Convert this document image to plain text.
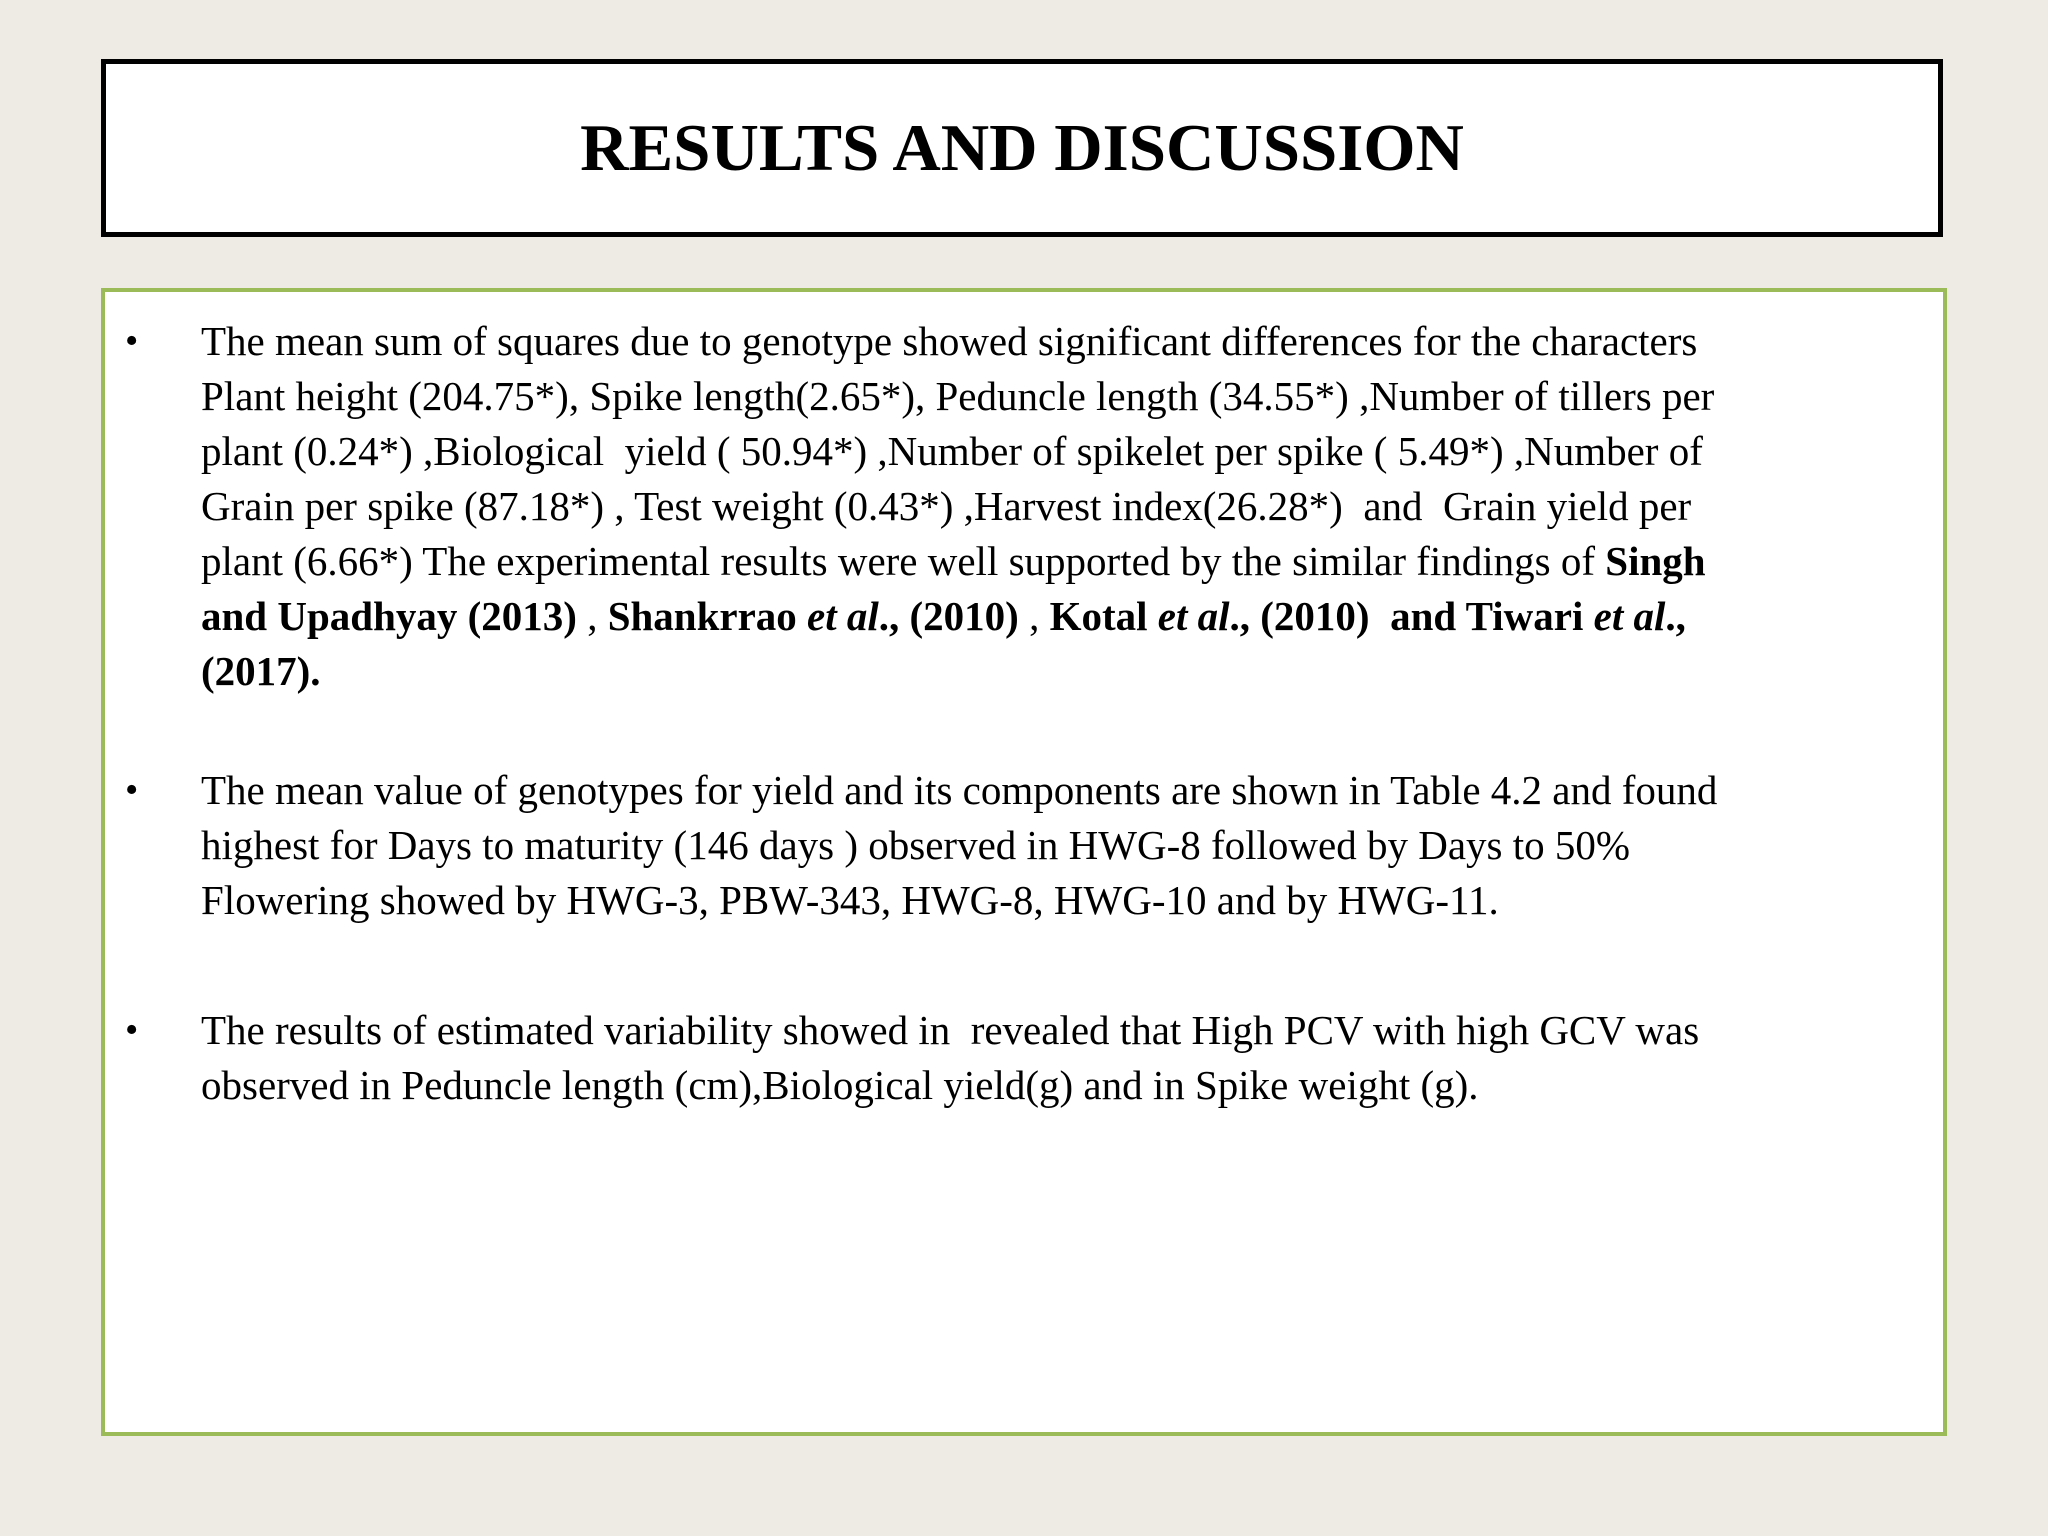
RESULTS AND DISCUSSION
• The mean sum of squares due to genotype showed significant differences for the characters
Plant height (204.75*), Spike length(2.65*), Peduncle length (34.55*) ,Number of tillers per
plant (0.24*) ,Biological  yield ( 50.94*) ,Number of spikelet per spike ( 5.49*) ,Number of
Grain per spike (87.18*) , Test weight (0.43*) ,Harvest index(26.28*)  and  Grain yield per
plant (6.66*) The experimental results were well supported by the similar findings of Singh
and Upadhyay (2013) , Shankrrao et al., (2010) , Kotal et al., (2010)  and Tiwari et al.,
(2017).

• The mean value of genotypes for yield and its components are shown in Table 4.2 and found
highest for Days to maturity (146 days ) observed in HWG-8 followed by Days to 50%
Flowering showed by HWG-3, PBW-343, HWG-8, HWG-10 and by HWG-11.

• The results of estimated variability showed in  revealed that High PCV with high GCV was
observed in Peduncle length (cm),Biological yield(g) and in Spike weight (g).
